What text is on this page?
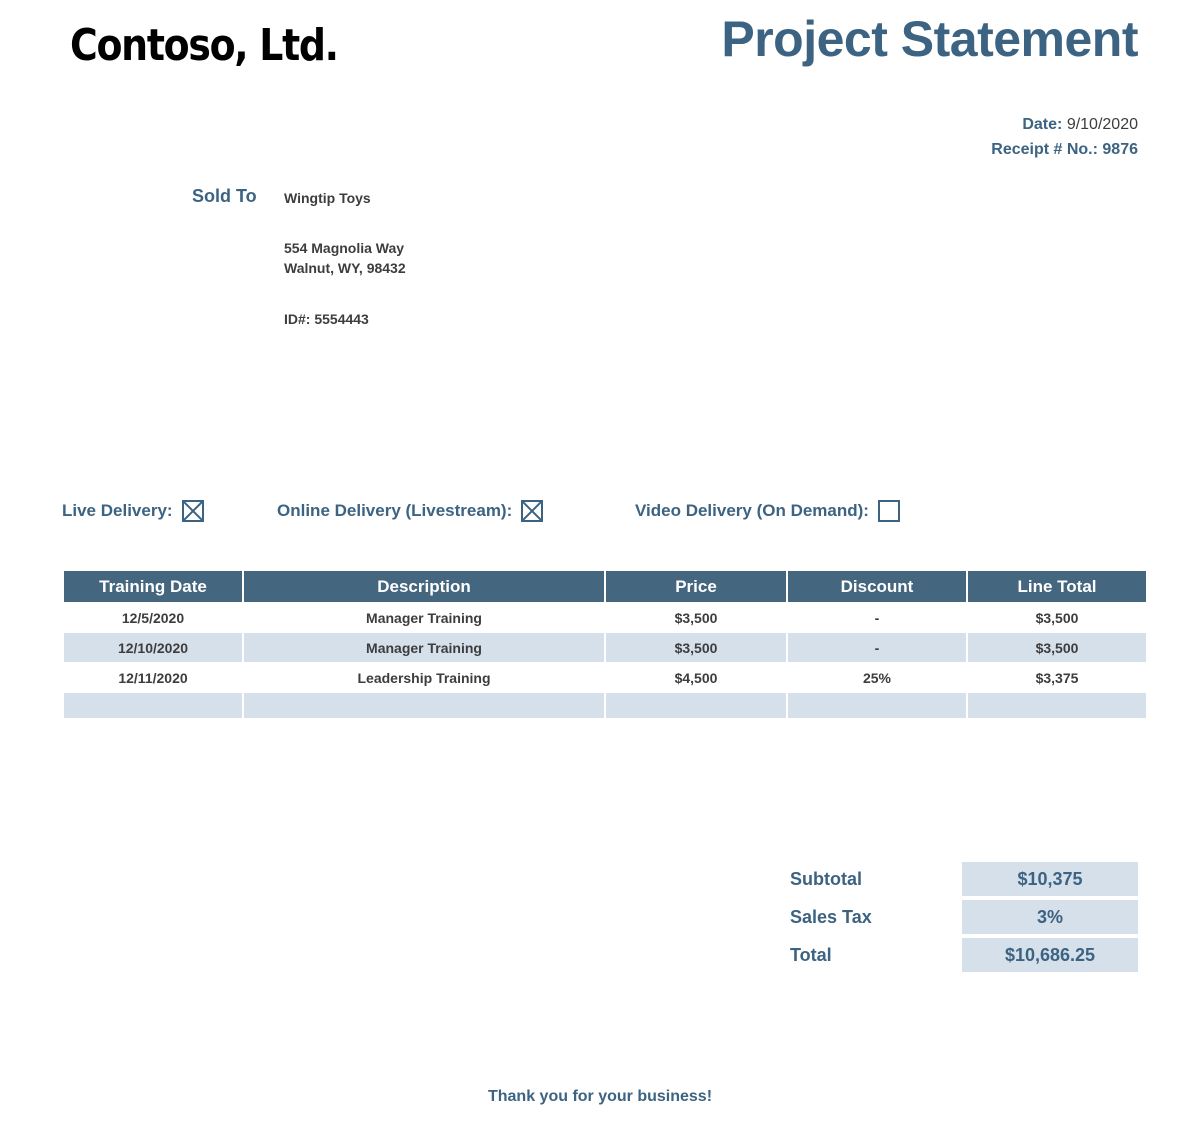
Contoso, Ltd.	Project Statement
Date: 9/10/2020
Receipt # No.: 9876
Sold To Wingtip Toys
554 Magnolia Way
Walnut, WY, 98432
ID#: 5554443
Live Delivery:	Online Delivery (Livestream):	Video Delivery (On Demand):
Training Date	Description	Price	Discount	Line Total
12/5/2020	Manager Training	$3,500	-	$3,500
12/10/2020	Manager Training	$3,500	-	$3,500
12/11/2020	Leadership Training	$4,500	25%	$3,375

Subtotal	$10,375
Sales Tax	3%
Total	$10,686.25
Thank you for your business!
